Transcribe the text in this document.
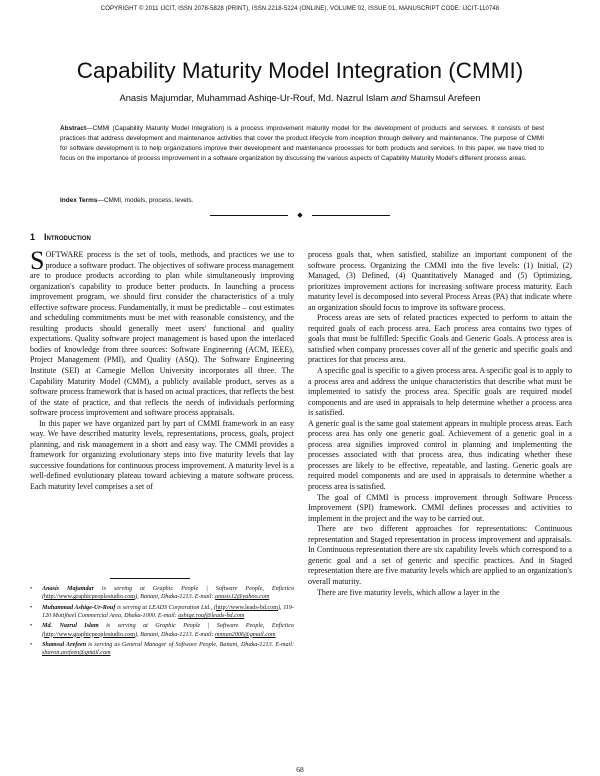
COPYRIGHT © 2011 IJCIT, ISSN 2078-5828 (PRINT), ISSN 2218-5224 (ONLINE), VOLUME 02, ISSUE 01, MANUSCRIPT CODE: IJCIT-110748
Capability Maturity Model Integration (CMMI)
Anasis Majumdar, Muhammad Ashiqe-Ur-Rouf, Md. Nazrul Islam and Shamsul Arefeen

Abstract—CMMI (Capability Maturity Model Integration) is a process improvement maturity model for the development of products and services. It consists of best practices that address development and maintenance activities that cover the product lifecycle from inception through delivery and maintenance. The purpose of CMMI for software development is to help organizations improve their development and maintenance processes for both products and services. In this paper, we have tried to focus on the importance of process improvement in a software organization by discussing the various aspects of Capability Maturity Model's different process areas.

Index Terms—CMMI, models, process, levels.

◆
1 Introduction

SOFTWARE process is the set of tools, methods, and practices we use to produce a software product. The objectives of software process management are to produce products according to plan while simultaneously improving organization's capability to produce better products. In launching a process improvement program, we should first consider the characteristics of a truly effective software process. Fundamentally, it must be predictable – cost estimates and scheduling commitments must be met with reasonable consistency, and the resulting products should generally meet users' functional and quality expectations. Quality software project management is based upon the interlaced bodies of knowledge from three sources: Software Engineering (ACM, IEEE), Project Management (PMI), and Quality (ASQ). The Software Engineering Institute (SEI) at Carnegie Mellon University incorporates all three. The Capability Maturity Model (CMM), a publicly available product, serves as a software process framework that is based on actual practices, that reflects the best of the state of practice, and that reflects the needs of individuals performing software process improvement and software process appraisals.

In this paper we have organized part by part of CMMI framework in an easy way. We have described maturity levels, representations, process, goals, project planning, and risk management in a short and easy way. The CMMI provides a framework for organizing evolutionary steps into five maturity levels that lay successive foundations for continuous process improvement. A maturity level is a well-defined evolutionary plateau toward achieving a mature software process. Each maturity level comprises a set of

• Anasis Majumdar is serving at Graphic People | Software People, Enfictico (http://www.graphicpeoplestudio.com), Banani, Dhaka-1213. E-mail: anasis12@yahoo.com
• Muhammad Ashiqe-Ur-Rouf is serving at LEADS Corporation Ltd., (http://www.leads-bd.com), 119-120 Motijheel Commercial Area, Dhaka-1000. E-mail: ashiqe.rouf@leads-bd.com
• Md. Nazrul Islam is serving at Graphic People | Software People, Enfictico (http://www.graphicpeoplestudio.com), Banani, Dhaka-1213. E-mail: mnnun2006@gmail.com
• Shamsul Arefeen is serving as General Manager of Software People, Banani, Dhaka-1213. E-mail: shavon.arefeen@gmail.com

process goals that, when satisfied, stabilize an important component of the software process. Organizing the CMMI into the five levels: (1) Initial, (2) Managed, (3) Defined, (4) Quantitatively Managed and (5) Optimizing, prioritizes improvement actions for increasing software process maturity. Each maturity level is decomposed into several Process Areas (PA) that indicate where an organization should focus to improve its software process.

Process areas are sets of related practices expected to perform to attain the required goals of each process area. Each process area contains two types of goals that must be fulfilled: Specific Goals and Generic Goals. A process area is satisfied when company processes cover all of the generic and specific goals and practices for that process area.

A specific goal is specific to a given process area. A specific goal is to apply to a process area and address the unique characteristics that describe what must be implemented to satisfy the process area. Specific goals are required model components and are used in appraisals to help determine whether a process area is satisfied.

A generic goal is the same goal statement appears in multiple process areas. Each process area has only one generic goal. Achievement of a generic goal in a process area signifies improved control in planning and implementing the processes associated with that process area, thus indicating whether these processes are likely to be effective, repeatable, and lasting. Generic goals are required model components and are used in appraisals to determine whether a process area is satisfied.

The goal of CMMI is process improvement through Software Process Improvement (SPI) framework. CMMI defines processes and activities to implement in the project and the way to be carried out.

There are two different approaches for representations: Continuous representation and Staged representation in process improvement and appraisals. In Continuous representation there are six capability levels which correspond to a generic goal and a set of generic and specific practices. And in Staged representation there are five maturity levels which are applied to an organization's overall maturity.

There are five maturity levels, which allow a layer in the

68
